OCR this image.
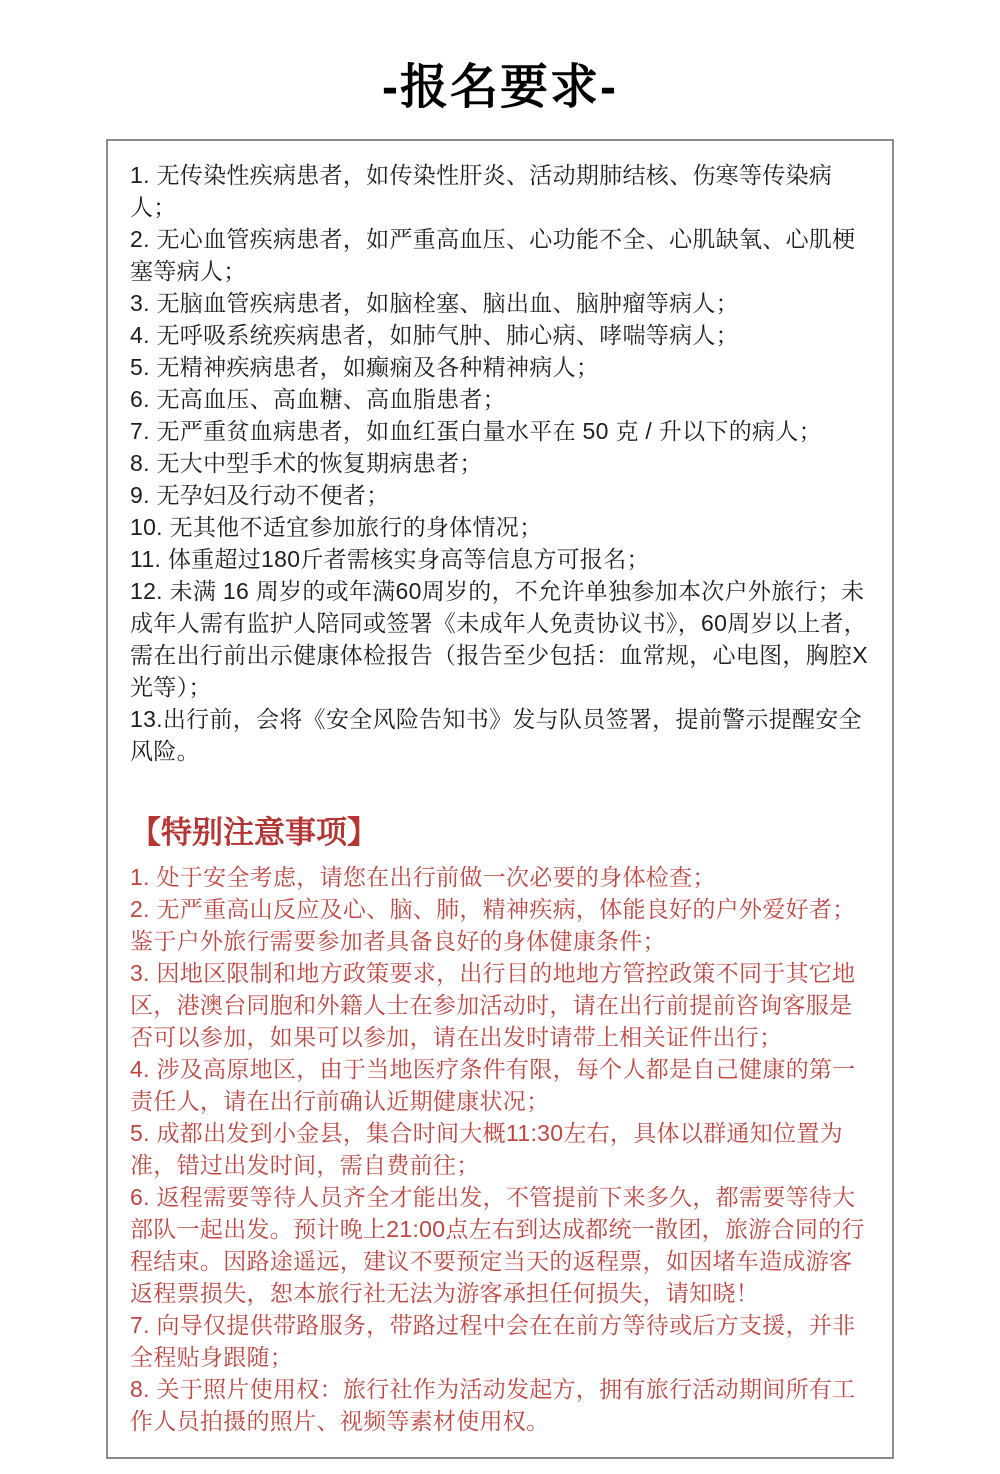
-报名要求-

1. 无传染性疾病患者，如传染性肝炎、活动期肺结核、伤寒等传染病人；

2. 无心血管疾病患者，如严重高血压、心功能不全、心肌缺氧、心肌梗塞等病人；

3. 无脑血管疾病患者，如脑栓塞、脑出血、脑肿瘤等病人；

4. 无呼吸系统疾病患者，如肺气肿、肺心病、哮喘等病人；

5. 无精神疾病患者，如癫痫及各种精神病人；

6. 无高血压、高血糖、高血脂患者；

7. 无严重贫血病患者，如血红蛋白量水平在 50 克 / 升以下的病人；

8. 无大中型手术的恢复期病患者；

9. 无孕妇及行动不便者；

10. 无其他不适宜参加旅行的身体情况；

11. 体重超过180斤者需核实身高等信息方可报名；

12. 未满 16 周岁的或年满60周岁的，不允许单独参加本次户外旅行；未成年人需有监护人陪同或签署《未成年人免责协议书》，60周岁以上者，需在出行前出示健康体检报告（报告至少包括：血常规，心电图，胸腔X光等）；

13.出行前，会将《安全风险告知书》发与队员签署，提前警示提醒安全风险。

【特别注意事项】

1. 处于安全考虑，请您在出行前做一次必要的身体检查；

2. 无严重高山反应及心、脑、肺，精神疾病，体能良好的户外爱好者；鉴于户外旅行需要参加者具备良好的身体健康条件；

3. 因地区限制和地方政策要求，出行目的地地方管控政策不同于其它地区，港澳台同胞和外籍人士在参加活动时，请在出行前提前咨询客服是否可以参加，如果可以参加，请在出发时请带上相关证件出行；

4. 涉及高原地区，由于当地医疗条件有限，每个人都是自己健康的第一责任人，请在出行前确认近期健康状况；

5. 成都出发到小金县，集合时间大概11:30左右，具体以群通知位置为准，错过出发时间，需自费前往；

6. 返程需要等待人员齐全才能出发，不管提前下来多久，都需要等待大部队一起出发。预计晚上21:00点左右到达成都统一散团，旅游合同的行程结束。因路途遥远，建议不要预定当天的返程票，如因堵车造成游客返程票损失，恕本旅行社无法为游客承担任何损失，请知晓！

7. 向导仅提供带路服务，带路过程中会在在前方等待或后方支援，并非全程贴身跟随；

8. 关于照片使用权：旅行社作为活动发起方，拥有旅行活动期间所有工作人员拍摄的照片、视频等素材使用权。
